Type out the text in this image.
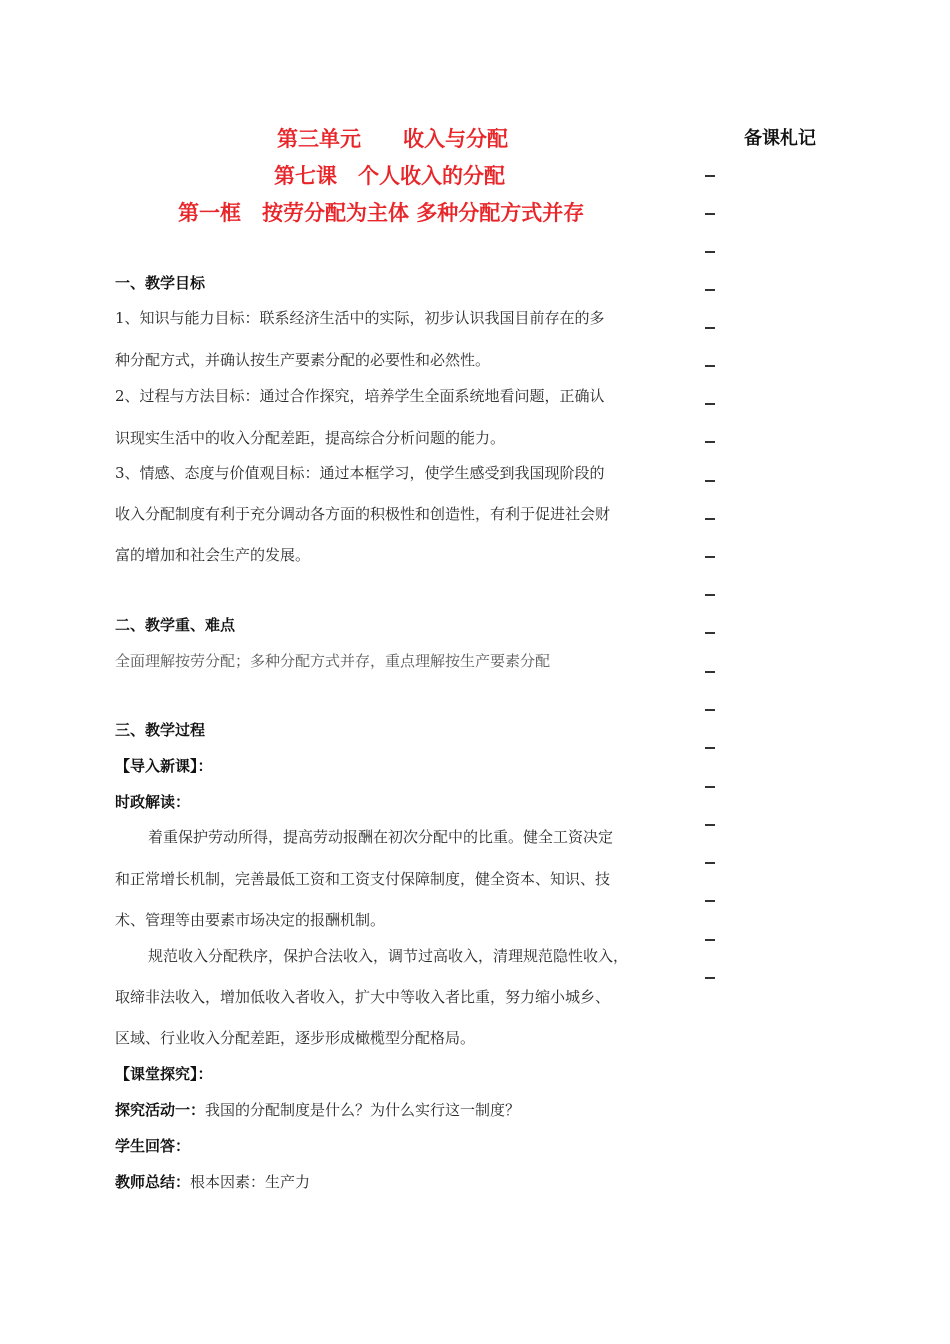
第三单元　　收入与分配
第七课　个人收入的分配
第一框　按劳分配为主体 多种分配方式并存
备课札记
一、教学目标
1、知识与能力目标：联系经济生活中的实际，初步认识我国目前存在的多
种分配方式，并确认按生产要素分配的必要性和必然性。
2、过程与方法目标：通过合作探究，培养学生全面系统地看问题，正确认
识现实生活中的收入分配差距，提高综合分析问题的能力。
3、情感、态度与价值观目标：通过本框学习，使学生感受到我国现阶段的
收入分配制度有利于充分调动各方面的积极性和创造性，有利于促进社会财
富的增加和社会生产的发展。
二、教学重、难点
全面理解按劳分配；多种分配方式并存，重点理解按生产要素分配
三、教学过程
【导入新课】：
时政解读：
着重保护劳动所得，提高劳动报酬在初次分配中的比重。健全工资决定
和正常增长机制，完善最低工资和工资支付保障制度，健全资本、知识、技
术、管理等由要素市场决定的报酬机制。
规范收入分配秩序，保护合法收入，调节过高收入，清理规范隐性收入，
取缔非法收入，增加低收入者收入，扩大中等收入者比重，努力缩小城乡、
区域、行业收入分配差距，逐步形成橄榄型分配格局。
【课堂探究】：
探究活动一：我国的分配制度是什么？为什么实行这一制度？
学生回答：
教师总结：根本因素：生产力
